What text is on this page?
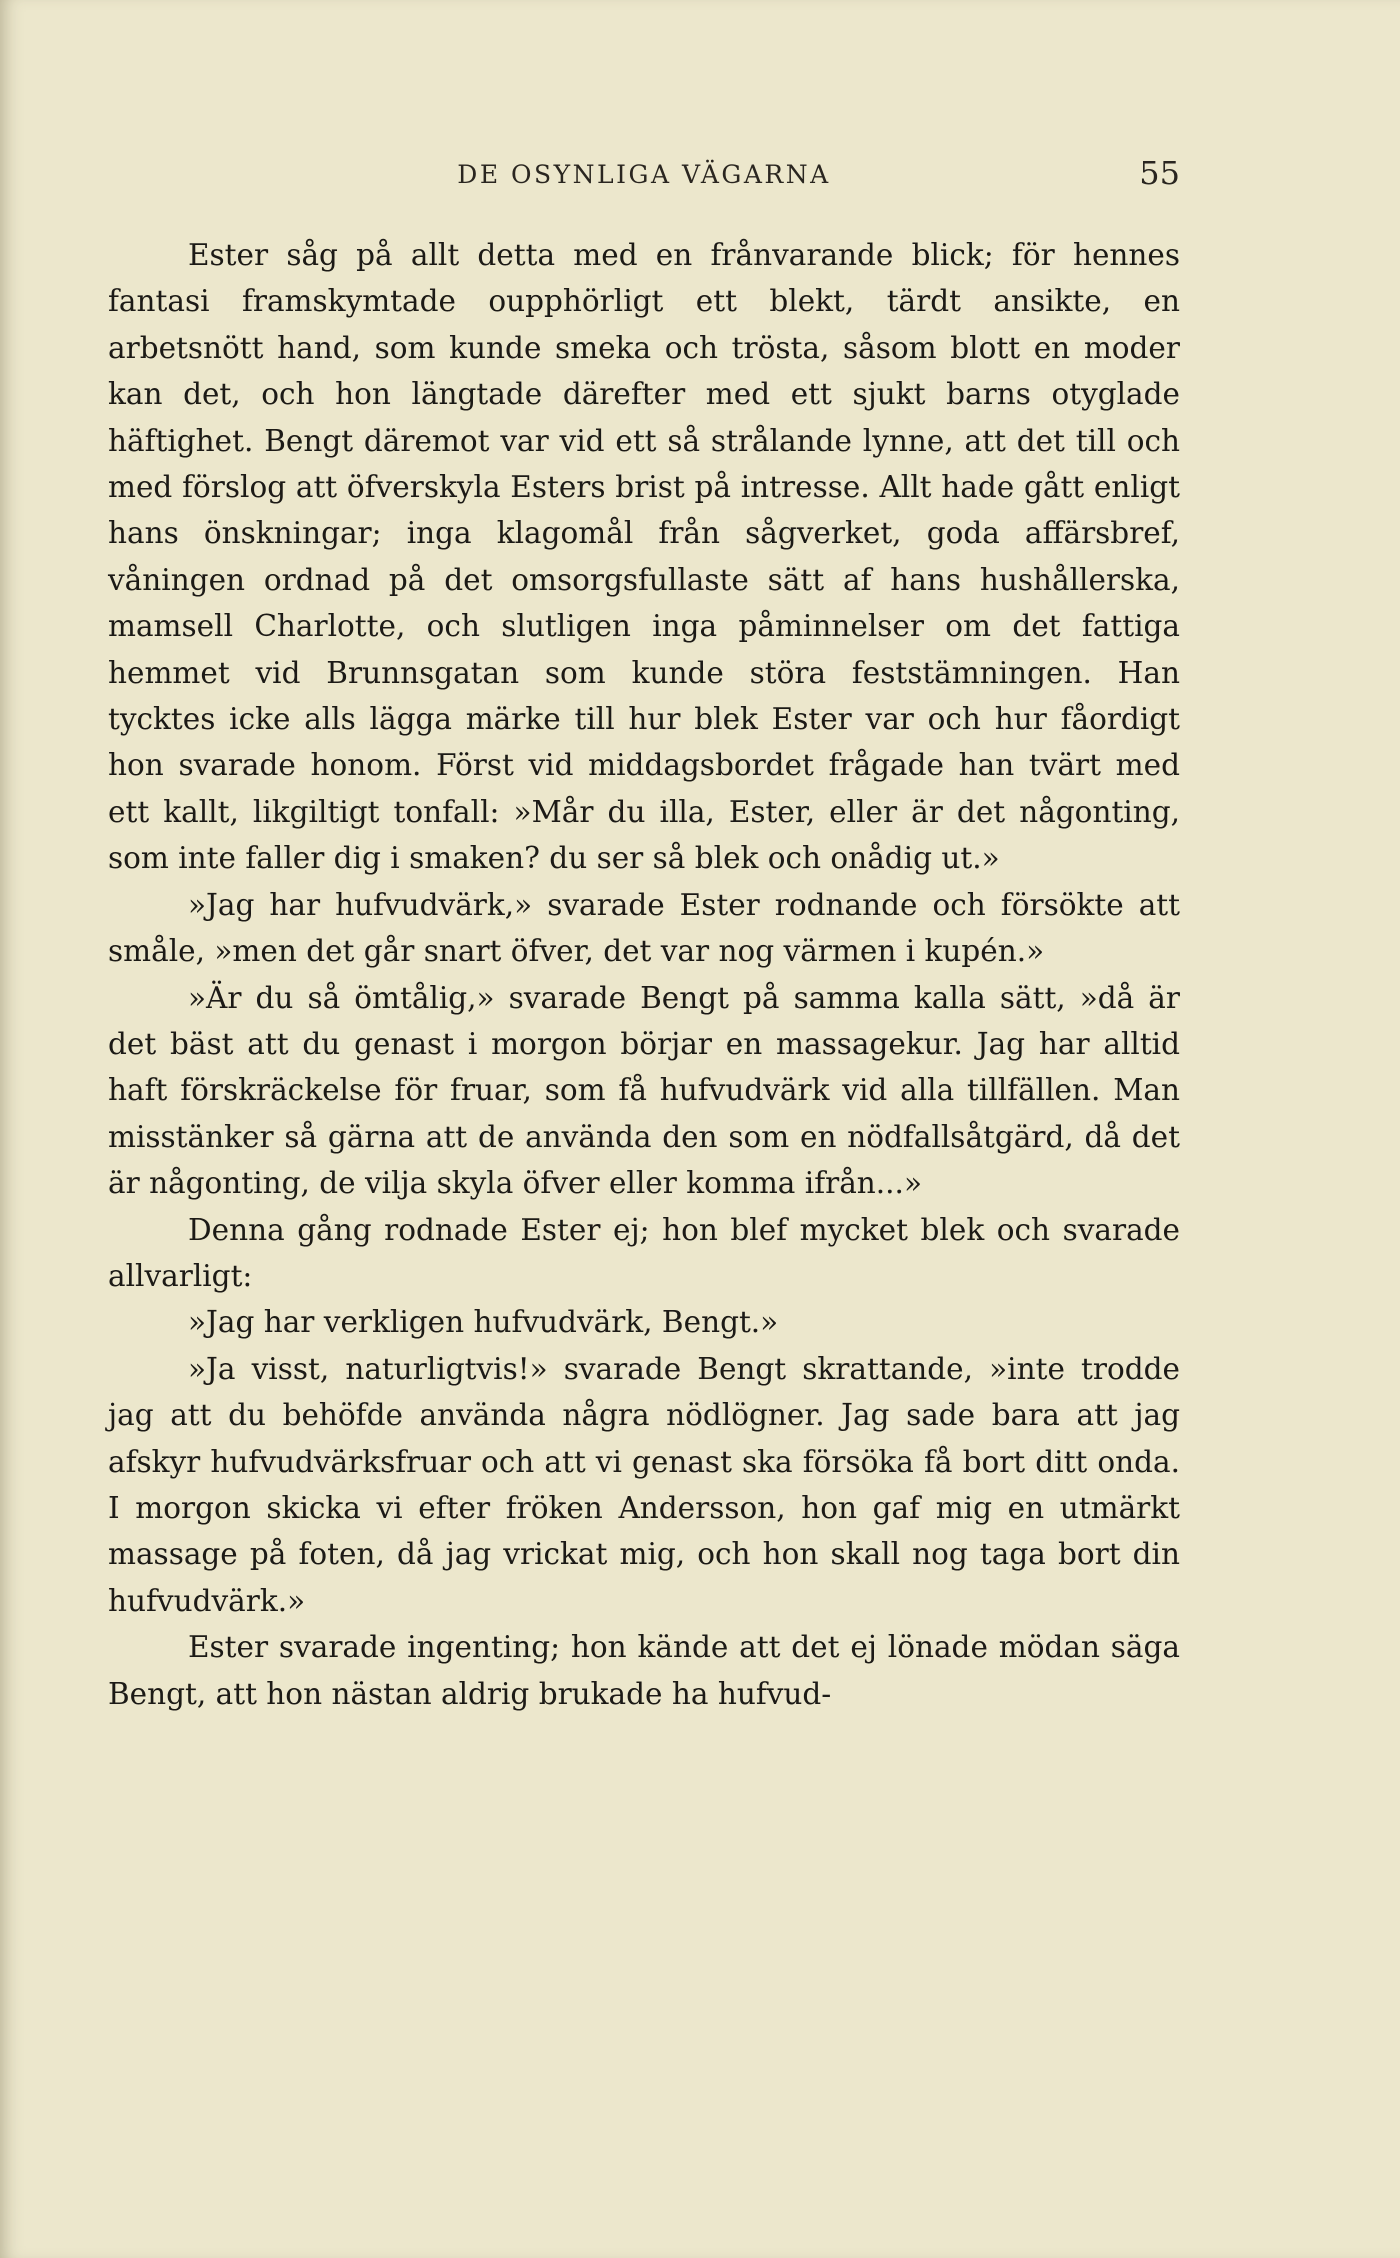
DE OSYNLIGA VÄGARNA	55

Ester såg på allt detta med en frånvarande blick; för hennes fantasi framskymtade oupphörligt ett blekt, tärdt ansikte, en arbetsnött hand, som kunde smeka och trösta, såsom blott en moder kan det, och hon längtade därefter med ett sjukt barns otyglade häftighet. Bengt däremot var vid ett så strålande lynne, att det till och med förslog att öfverskyla Esters brist på intresse. Allt hade gått enligt hans önskningar; inga klagomål från sågverket, goda affärsbref, våningen ordnad på det omsorgsfullaste sätt af hans hushållerska, mamsell Charlotte, och slutligen inga påminnelser om det fattiga hemmet vid Brunnsgatan som kunde störa feststämningen. Han tycktes icke alls lägga märke till hur blek Ester var och hur fåordigt hon svarade honom. Först vid middagsbordet frågade han tvärt med ett kallt, likgiltigt tonfall: »Mår du illa, Ester, eller är det någonting, som inte faller dig i smaken? du ser så blek och onådig ut.»

»Jag har hufvudvärk,» svarade Ester rodnande och försökte att småle, »men det går snart öfver, det var nog värmen i kupén.»

»Är du så ömtålig,» svarade Bengt på samma kalla sätt, »då är det bäst att du genast i morgon börjar en massagekur. Jag har alltid haft förskräckelse för fruar, som få hufvudvärk vid alla tillfällen. Man misstänker så gärna att de använda den som en nödfallsåtgärd, då det är någonting, de vilja skyla öfver eller komma ifrån...»

Denna gång rodnade Ester ej; hon blef mycket blek och svarade allvarligt:

»Jag har verkligen hufvudvärk, Bengt.»

»Ja visst, naturligtvis!» svarade Bengt skrattande, »inte trodde jag att du behöfde använda några nödlögner. Jag sade bara att jag afskyr hufvudvärksfruar och att vi genast ska försöka få bort ditt onda. I morgon skicka vi efter fröken Andersson, hon gaf mig en utmärkt massage på foten, då jag vrickat mig, och hon skall nog taga bort din hufvudvärk.»

Ester svarade ingenting; hon kände att det ej lönade mödan säga Bengt, att hon nästan aldrig brukade ha hufvud-
